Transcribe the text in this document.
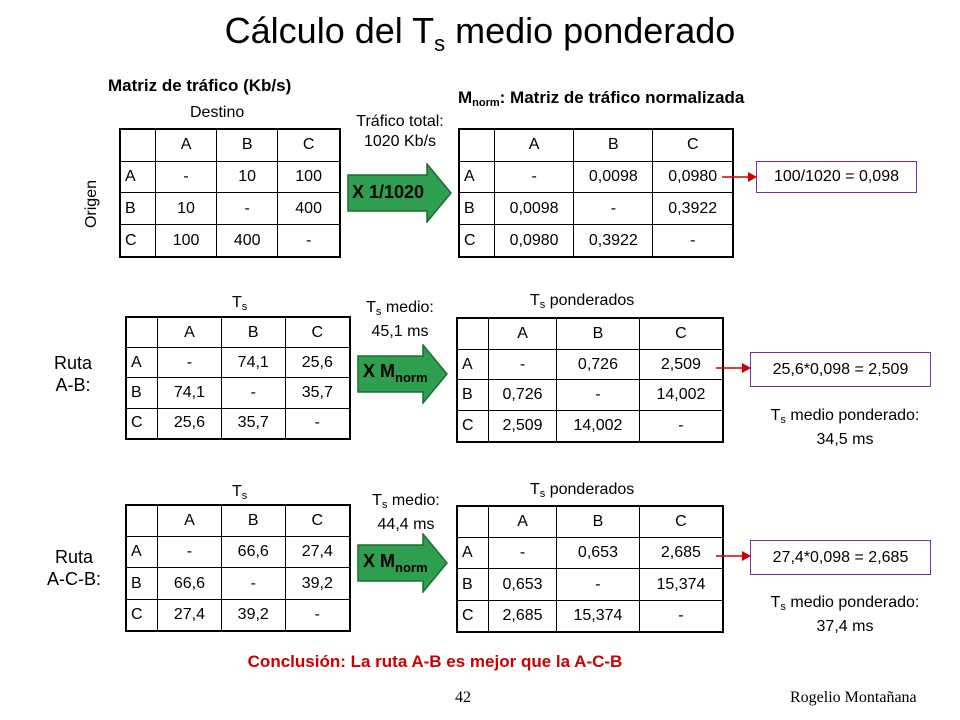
Cálculo del $T_s$ medio ponderado
Matriz de tráfico (Kb/s)
Destino
Origen
	A	B	C
A	-	10	100
B	10	-	400
C	100	400	-
Tráfico total:
1020 Kb/s
X 1/1020
$M_{norm}$: Matriz de tráfico normalizada
	A	B	C
A	-	0,0098	0,0980
B	0,0098	-	0,3922
C	0,0980	0,3922	-
100/1020 = 0,098
$T_s$
Ruta
A-B:
	A	B	C
A	-	74,1	25,6
B	74,1	-	35,7
C	25,6	35,7	-
$T_s$ medio:
45,1 ms
X $M_{norm}$
$T_s$ ponderados
	A	B	C
A	-	0,726	2,509
B	0,726	-	14,002
C	2,509	14,002	-
25,6*0,098 = 2,509
$T_s$ medio ponderado:
34,5 ms
$T_s$
Ruta
A-C-B:
	A	B	C
A	-	66,6	27,4
B	66,6	-	39,2
C	27,4	39,2	-
$T_s$ medio:
44,4 ms
X $M_{norm}$
$T_s$ ponderados
	A	B	C
A	-	0,653	2,685
B	0,653	-	15,374
C	2,685	15,374	-
27,4*0,098 = 2,685
$T_s$ medio ponderado:
37,4 ms
Conclusión: La ruta A-B es mejor que la A-C-B
42	Rogelio Montañana
